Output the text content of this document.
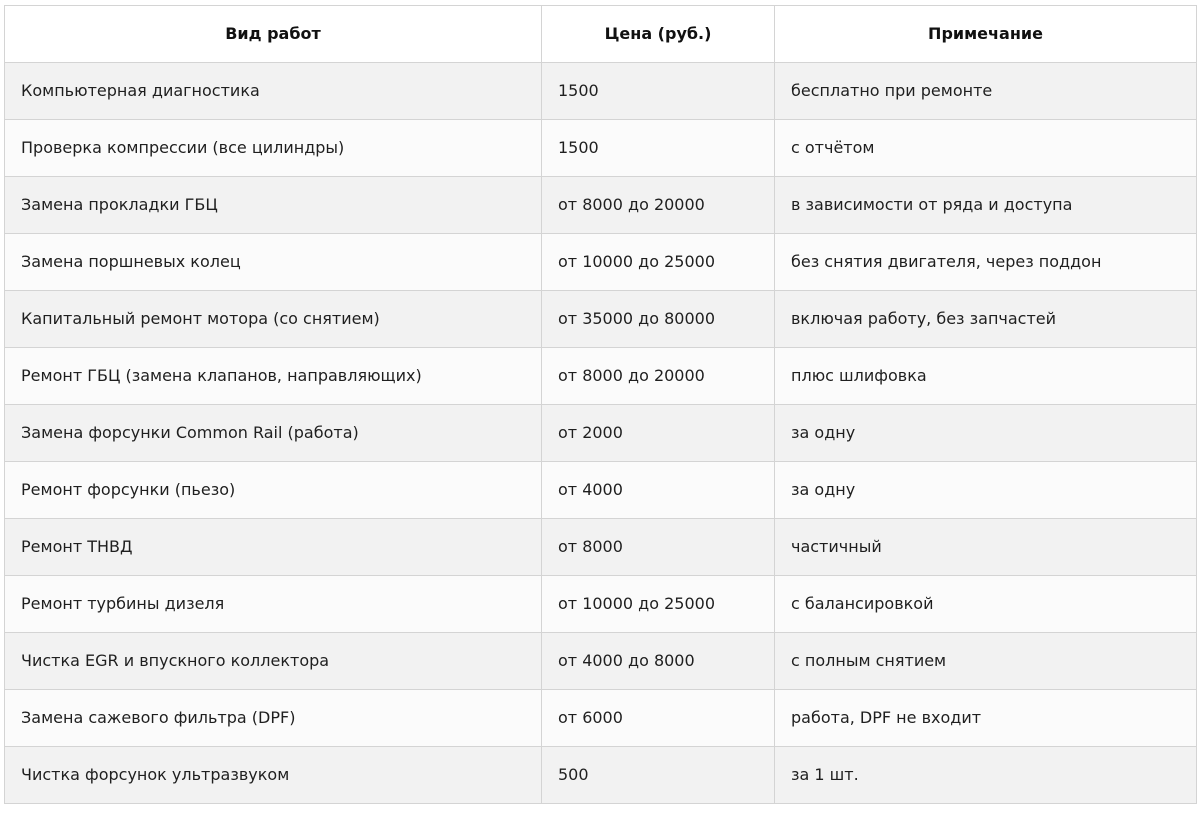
Вид работ	Цена (руб.)	Примечание
Компьютерная диагностика	1500	бесплатно при ремонте
Проверка компрессии (все цилиндры)	1500	с отчётом
Замена прокладки ГБЦ	от 8000 до 20000	в зависимости от ряда и доступа
Замена поршневых колец	от 10000 до 25000	без снятия двигателя, через поддон
Капитальный ремонт мотора (со снятием)	от 35000 до 80000	включая работу, без запчастей
Ремонт ГБЦ (замена клапанов, направляющих)	от 8000 до 20000	плюс шлифовка
Замена форсунки Common Rail (работа)	от 2000	за одну
Ремонт форсунки (пьезо)	от 4000	за одну
Ремонт ТНВД	от 8000	частичный
Ремонт турбины дизеля	от 10000 до 25000	с балансировкой
Чистка EGR и впускного коллектора	от 4000 до 8000	с полным снятием
Замена сажевого фильтра (DPF)	от 6000	работа, DPF не входит
Чистка форсунок ультразвуком	500	за 1 шт.
